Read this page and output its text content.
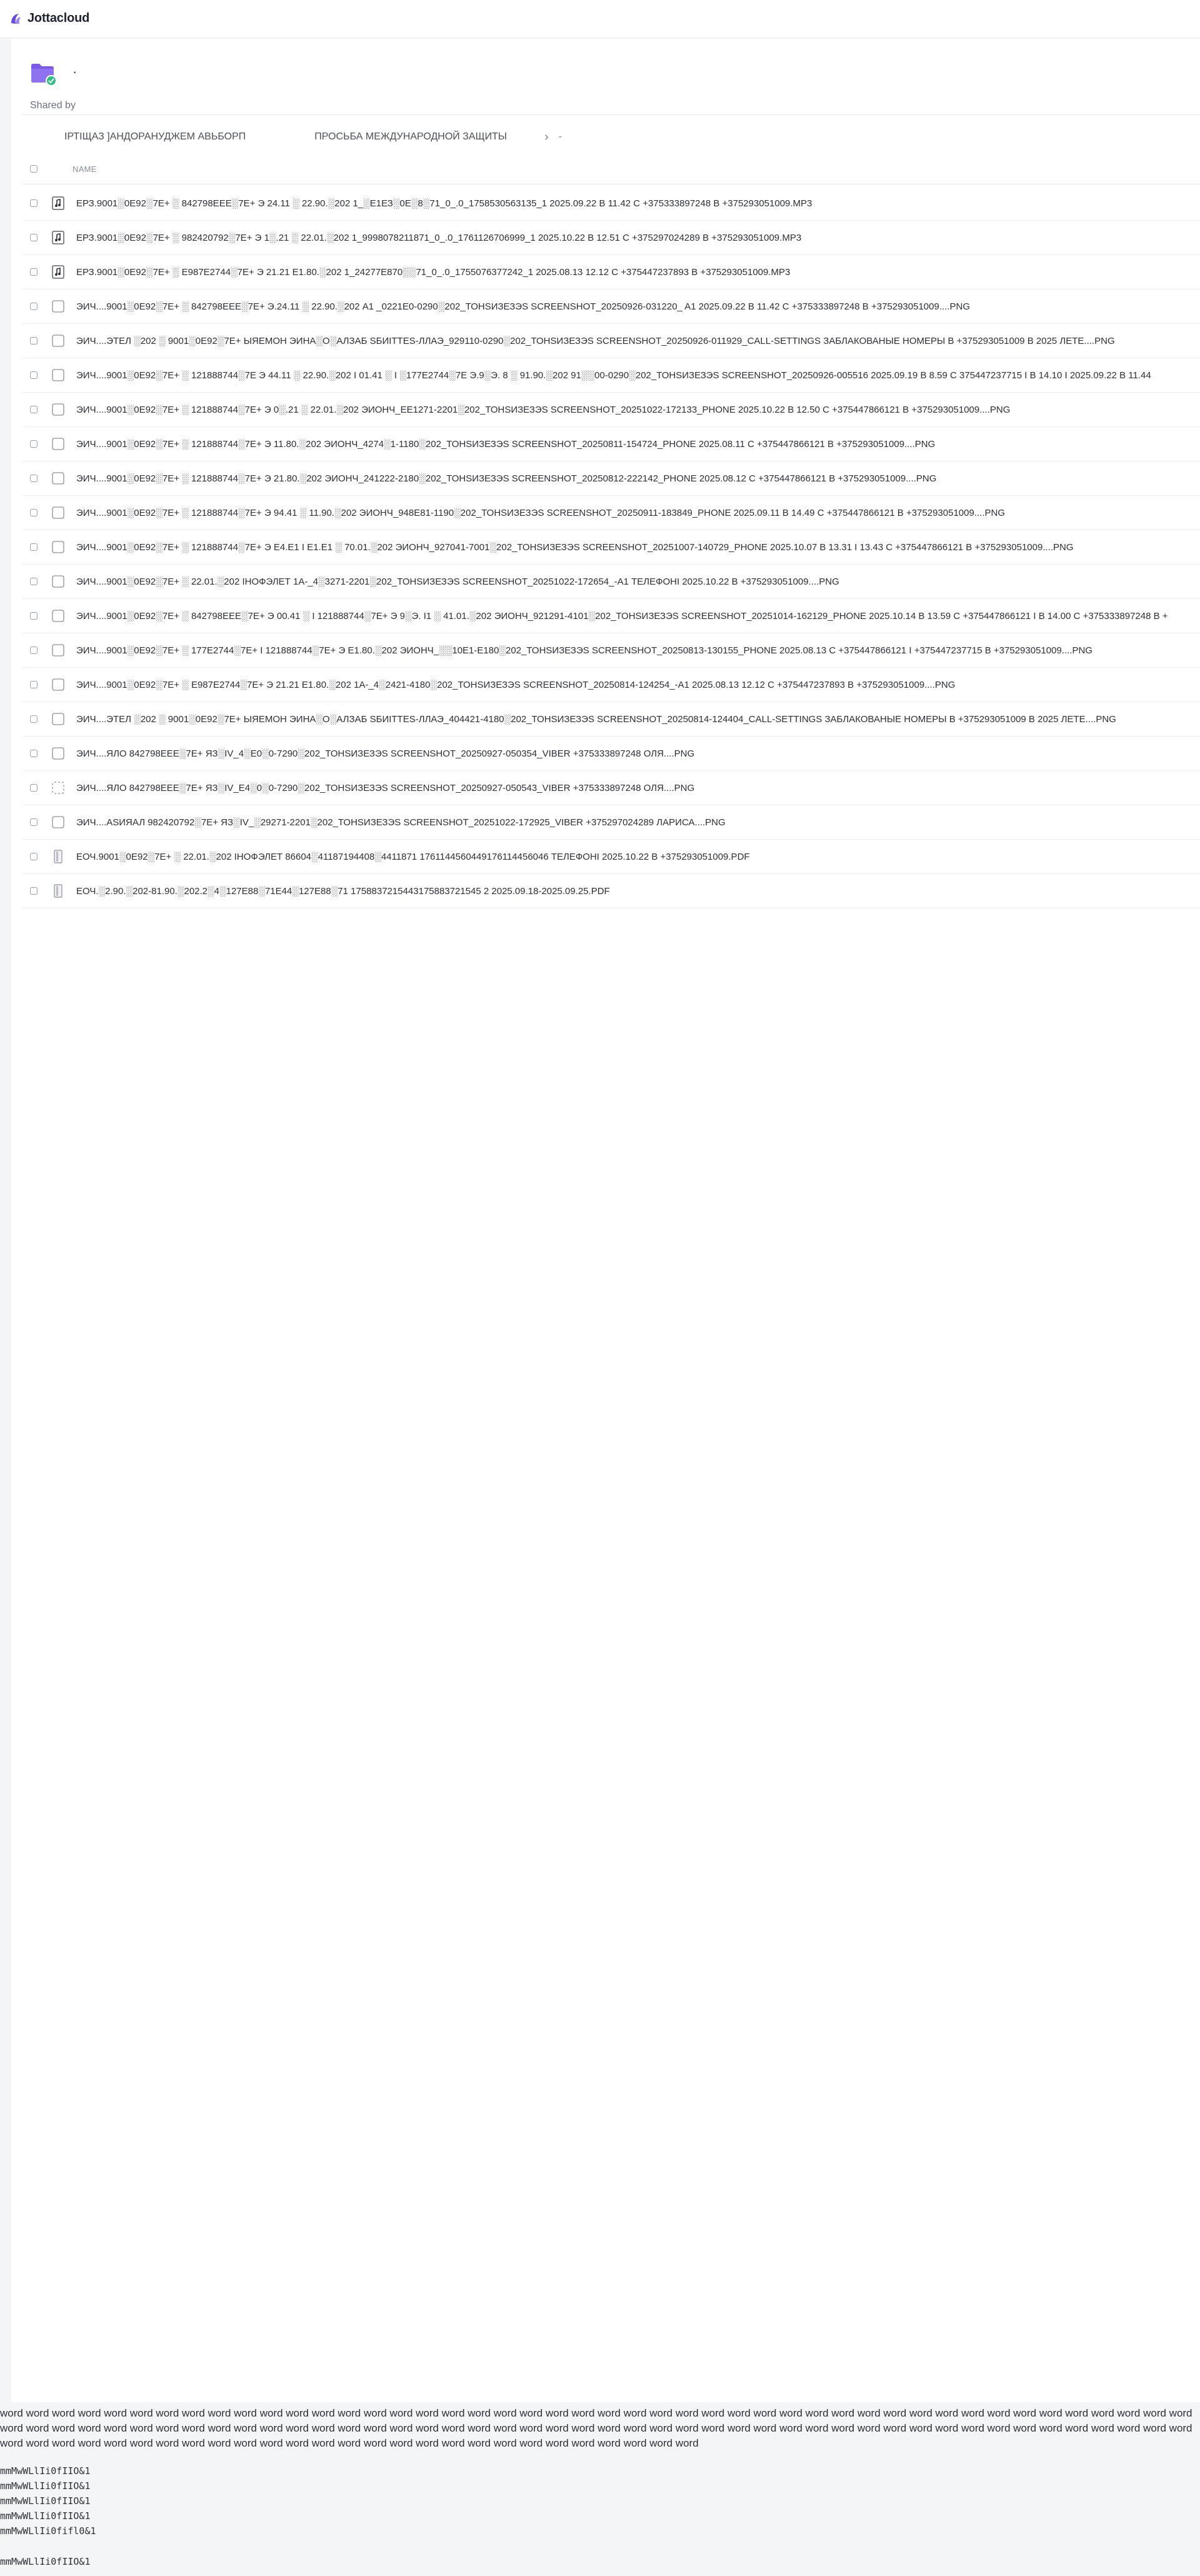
Jottacloud
·
Shared by
ІРТІЩАЗ ]АНДОРАНУДЖЕМ АВЬБОРП	ПРОСЬБА МЕЖДУНАРОДНОЙ ЗАЩИТЫ	› -
NAME
ЕРЗ.9001░0Е92░7Е+ ░ 842798ЕЕЕ░7Е+ Э 24.11 ░ 22.90.░202 1_░Е1ЕЗ░0Е░8░71_0_.0_1758530563135_1 2025.09.22 В 11.42 С +375333897248 В +375293051009.MP3
ЕРЗ.9001░0Е92░7Е+ ░ 982420792░7Е+ Э 1░.21 ░ 22.01.░202 1_9998078211871_0_.0_1761126706999_1 2025.10.22 В 12.51 С +375297024289 В +375293051009.MP3
ЕРЗ.9001░0Е92░7Е+ ░ Е987Е2744░7Е+ Э 21.21 Е1.80.░202 1_24277Е870░░71_0_.0_1755076377242_1 2025.08.13 12.12 С +375447237893 В +375293051009.MP3
ЭИЧ....9001░0Е92░7Е+ ░ 842798ЕЕЕ░7Е+ Э.24.11 ░ 22.90.░202 А1 _0221Е0-0290░202_ТОНЅИЗЕЗЭЅ SCREENSHOT_20250926-031220_ A1 2025.09.22 В 11.42 С +375333897248 В +375293051009....PNG
ЭИЧ....ЭТЕЛ ░202 ░ 9001░0Е92░7Е+ ЫЯЕМОН ЭИНА░О░АЛЗАБ ЅБИІТТЕЅ-ЛЛАЭ_929110-0290░202_ТОНЅИЗЕЗЭЅ SCREENSHOT_20250926-011929_CALL-SETTINGS ЗАБЛАКОВАНЫЕ НОМЕРЫ В +375293051009 В 2025 ЛЕТЕ....PNG
ЭИЧ....9001░0Е92░7Е+ ░ 121888744░7Е Э 44.11 ░ 22.90.░202 І 01.41 ░ І ░177Е2744░7Е Э.9░Э. 8 ░ 91.90.░202 91░░00-0290░202_ТОНЅИЗЕЗЭЅ SCREENSHOT_20250926-005516 2025.09.19 В 8.59 С 375447237715 І В 14.10 І 2025.09.22 В 11.44
ЭИЧ....9001░0Е92░7Е+ ░ 121888744░7Е+ Э 0░.21 ░ 22.01.░202 ЭИОНЧ_ЕЕ1271-2201░202_ТОНЅИЗЕЗЭЅ SCREENSHOT_20251022-172133_PHONE 2025.10.22 В 12.50 С +375447866121 В +375293051009....PNG
ЭИЧ....9001░0Е92░7Е+ ░ 121888744░7Е+ Э 11.80.░202 ЭИОНЧ_4274░1-1180░202_ТОНЅИЗЕЗЭЅ SCREENSHOT_20250811-154724_PHONE 2025.08.11 С +375447866121 В +375293051009....PNG
ЭИЧ....9001░0Е92░7Е+ ░ 121888744░7Е+ Э 21.80.░202 ЭИОНЧ_241222-2180░202_ТОНЅИЗЕЗЭЅ SCREENSHOT_20250812-222142_PHONE 2025.08.12 С +375447866121 В +375293051009....PNG
ЭИЧ....9001░0Е92░7Е+ ░ 121888744░7Е+ Э 94.41 ░ 11.90.░202 ЭИОНЧ_948Е81-1190░202_ТОНЅИЗЕЗЭЅ SCREENSHOT_20250911-183849_PHONE 2025.09.11 В 14.49 С +375447866121 В +375293051009....PNG
ЭИЧ....9001░0Е92░7Е+ ░ 121888744░7Е+ Э Е4.Е1 І Е1.Е1 ░ 70.01.░202 ЭИОНЧ_927041-7001░202_ТОНЅИЗЕЗЭЅ SCREENSHOT_20251007-140729_PHONE 2025.10.07 В 13.31 І 13.43 С +375447866121 В +375293051009....PNG
ЭИЧ....9001░0Е92░7Е+ ░ 22.01.░202 ІНОФЭЛЕТ 1А-_4░3271-2201░202_ТОНЅИЗЕЗЭЅ SCREENSHOT_20251022-172654_-A1 ТЕЛЕФОНІ 2025.10.22 В +375293051009....PNG
ЭИЧ....9001░0Е92░7Е+ ░ 842798ЕЕЕ░7Е+ Э 00.41 ░ І 121888744░7Е+ Э 9░Э. І1 ░ 41.01.░202 ЭИОНЧ_921291-4101░202_ТОНЅИЗЕЗЭЅ SCREENSHOT_20251014-162129_PHONE 2025.10.14 В 13.59 С +375447866121 І В 14.00 С +375333897248 В +
ЭИЧ....9001░0Е92░7Е+ ░ 177Е2744░7Е+ І 121888744░7Е+ Э Е1.80.░202 ЭИОНЧ_░░10Е1-Е180░202_ТОНЅИЗЕЗЭЅ SCREENSHOT_20250813-130155_PHONE 2025.08.13 С +375447866121 І +375447237715 В +375293051009....PNG
ЭИЧ....9001░0Е92░7Е+ ░ Е987Е2744░7Е+ Э 21.21 Е1.80.░202 1А-_4░2421-4180░202_ТОНЅИЗЕЗЭЅ SCREENSHOT_20250814-124254_-A1 2025.08.13 12.12 С +375447237893 В +375293051009....PNG
ЭИЧ....ЭТЕЛ ░202 ░ 9001░0Е92░7Е+ ЫЯЕМОН ЭИНА░О░АЛЗАБ ЅБИІТТЕЅ-ЛЛАЭ_404421-4180░202_ТОНЅИЗЕЗЭЅ SCREENSHOT_20250814-124404_CALL-SETTINGS ЗАБЛАКОВАНЫЕ НОМЕРЫ В +375293051009 В 2025 ЛЕТЕ....PNG
ЭИЧ....ЯЛО 842798ЕЕЕ░7Е+ ЯЗ░ІV_4░Е0░0-7290░202_ТОНЅИЗЕЗЭЅ SCREENSHOT_20250927-050354_VIBER +375333897248 ОЛЯ....PNG
ЭИЧ....ЯЛО 842798ЕЕЕ░7Е+ ЯЗ░ІV_Е4░0░0-7290░202_ТОНЅИЗЕЗЭЅ SCREENSHOT_20250927-050543_VIBER +375333897248 ОЛЯ....PNG
ЭИЧ....АЅИЯАЛ 982420792░7Е+ ЯЗ░ІV_░29271-2201░202_ТОНЅИЗЕЗЭЅ SCREENSHOT_20251022-172925_VIBER +375297024289 ЛАРИСА....PNG
ЕОЧ.9001░0Е92░7Е+ ░ 22.01.░202 ІНОФЭЛЕТ 86604░41187194408░4411871 1761144560449176114456046 ТЕЛЕФОНІ 2025.10.22 В +375293051009.PDF
ЕОЧ.░2.90.░202-81.90.░202.2░4░127Е88░71Е44░127Е88░71 1758837215443175883721545 2 2025.09.18-2025.09.25.PDF
word word word word word word word word word word word word word word word word word word word word word word word word word word word word word word word word word word word word word word word word word word word word word word word word word word word word word word word word word word word word word word word word word word word word word word word word word word word word word word word word word word word word word word word word word word word word word word word word word word word word word word word word word word word word word word word word word word word word word word word
mmMwWLlIi0fIIO&1
mmMwWLlIi0fIIO&1
mmMwWLlIi0fIIO&1
mmMwWLlIi0fIIO&1
mmMwWLlIi0fifl0&1
mmMwWLlIi0fIIO&1
